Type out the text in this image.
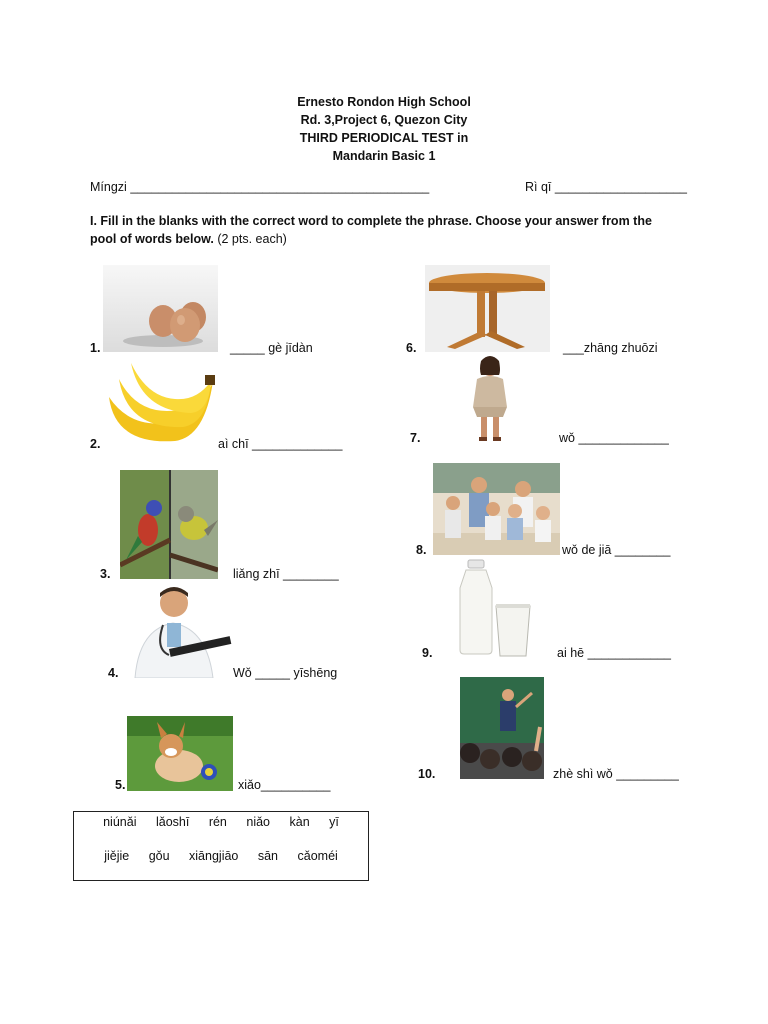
Ernesto Rondon High School
Rd. 3,Project 6, Quezon City
THIRD PERIODICAL TEST in
Mandarin Basic 1
Míngzi ___________________________________________	Rì qī ___________________
I. Fill in the blanks with the correct word to complete the phrase. Choose your answer from the pool of words below. (2 pts. each)
1.	_____ gè jīdàn
2.	aì chī _____________
3.	liǎng zhī ________
4.	Wǒ _____ yīshēng
5.	xiǎo__________
6.	___zhāng zhuōzi
7.	wǒ _____________
8.	wǒ de jiā ________
9.	ai hē ____________
10.	zhè shì wǒ _________
niúnǎi lǎoshī rén niǎo kàn yī
jiějie gǒu xiāngjiāo sān cǎoméi
